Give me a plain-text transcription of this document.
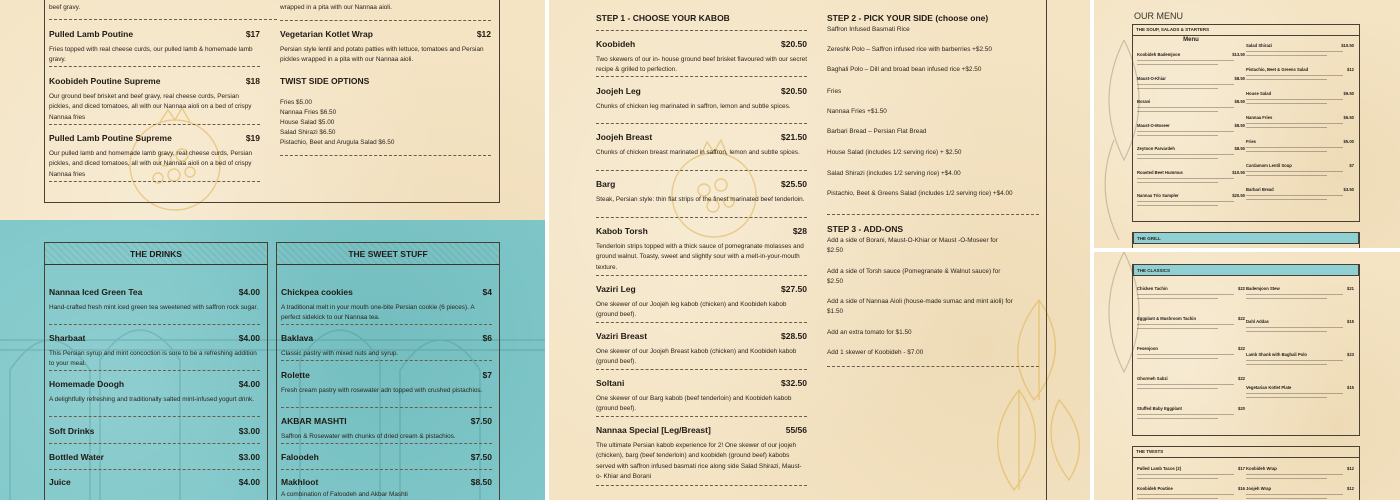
beef gravy.
Pulled Lamb Poutine	$17
Fries topped with real cheese curds, our pulled lamb & homemade lamb gravy.
Koobideh Poutine Supreme	$18
Our ground beef brisket and beef gravy, real cheese curds, Persian pickles, and diced tomatoes, all with our Nannaa aioli on a bed of crispy Nannaa fries
Pulled Lamb Poutine Supreme	$19
Our pulled lamb and homemade lamb gravy, real cheese curds, Persian pickles, and diced tomatoes, all with our Nannaa aioli on a bed of crispy Nannaa fries
wrapped in a pita with our Nannaa aioli.
Vegetarian Kotlet Wrap	$12
Persian style lentil and potato patties with lettuce, tomatoes and Persian pickles wrapped in a pita with our Nannaa aioli.
TWIST SIDE OPTIONS
Fries $5.00
Nannaa Fries $6.50
House Salad $5.00
Salad Shirazi $6.50
Pistachio, Beet and Arugula Salad $6.50
THE DRINKS
Nannaa Iced Green Tea	$4.00
Hand-crafted fresh mint iced green tea sweetened with saffron rock sugar.
Sharbaat	$4.00
This Persian syrup and mint concoction is sure to be a refreshing addition to your meal.
Homemade Doogh	$4.00
A delightfully refreshing and traditionally salted mint-infused yogurt drink.
Soft Drinks	$3.00
Bottled Water	$3.00
Juice	$4.00
THE SWEET STUFF
Chickpea cookies	$4
A traditional melt in your mouth one-bite Persian cookie (6 pieces). A perfect sidekick to our Nannaa tea.
Baklava	$6
Classic pastry with mixed nuts and syrup.
Rolette	$7
Fresh cream pastry with rosewater adn topped with crushed pistachios.
AKBAR MASHTI	$7.50
Saffron & Rosewater with chunks of dried cream & pistachios.
Faloodeh	$7.50
Makhloot	$8.50
A combination of Faloodeh and Akbar Mashti
STEP 1 - CHOOSE YOUR KABOB	STEP 2 - PICK YOUR SIDE (choose one)
STEP 3 - ADD-ONS
Koobideh	$20.50
Two skewers of our in- house ground beef brisket flavoured with our secret recipe & grilled to perfection.
Joojeh Leg	$20.50
Chunks of chicken leg marinated in saffron, lemon and subtle spices.
Joojeh Breast	$21.50
Chunks of chicken breast marinated in saffron, lemon and subtle spices.
Barg	$25.50
Steak, Persian style: thin flat strips of the finest marinated beef tenderloin.
Kabob Torsh	$28
Tenderloin strips topped with a thick sauce of pomegranate molasses and ground walnut. Toasty, sweet and slightly sour with a melt-in-your-mouth texture.
Vaziri Leg	$27.50
One skewer of our Joojeh leg kabob (chicken) and Koobideh kabob (ground beef).
Vaziri Breast	$28.50
One skewer of our Joojeh Breast kabob (chicken) and Koobideh kabob (ground beef).
Soltani	$32.50
One skewer of our Barg kabob (beef tenderloin) and Koobideh kabob (ground beef).
Nannaa Special [Leg/Breast]	55/56
The ultimate Persian kabob experience for 2! One skewer of our joojeh (chicken), barg (beef tenderloin) and koobideh (ground beef) kabobs served with saffron infused basmati rice along side Salad Shirazi, Maust-o- Khiar and Borani
Saffron Infused Basmati Rice
Zereshk Polo – Saffron infused rice with barberries +$2.50
Baghali Polo – Dill and broad bean infused rice +$2.50
Fries
Nannaa Fries +$1.50
Barbari Bread – Persian Flat Bread
House Salad (includes 1/2 serving rice) + $2.50
Salad Shirazi (includes 1/2 serving rice) +$4.00
Pistachio, Beet & Greens Salad (includes 1/2 serving rice) +$4.00
Add a side of Borani, Maust-O-Khiar or Maust -O-Moseer for
$2.50
Add a side of Torsh sauce (Pomegranate & Walnut sauce) for
$2.50
Add a side of Nannaa Aioli (house-made sumac and mint aioli) for
$1.50
Add an extra tomato for $1.50
Add 1 skewer of Koobideh - $7.00
OUR MENU
THE SOUP, SALADS & STARTERS
Menu
THE GRILL
Koobideh Bademjoon	$13.50
Maust-O-Khiar	$8.50
Borani	$8.50
Maust-O-Moseer	$8.50
Zeytoon Parvardeh	$8.50
Roasted Beet Hummus	$10.50
Nannaa Trio Sampler	$20.50
Salad Shirazi	$10.50
Pistachio, Beet & Greens Salad	$12
House Salad	$9.50
Nannaa Fries	$6.50
Fries	$5.00
Cardamom Lentil Soup	$7
Barbari Bread	$3.50
THE CLASSICS
THE TWISTS
Chicken Tachin	$22
Eggplant & Mushroom Tachin	$22
Fesenjoon	$22
Ghormeh Sabzi	$22
Stuffed Baby Eggplant	$20
Bademjoon Stew	$21
Dahl Addas	$15
Lamb Shank with Baghali Polo	$23
Vegetarian Kotlet Plate	$15
Pulled Lamb Tacos (2)	$17
Koobideh Poutine	$16
Koobideh Wrap	$12
Joojeh Wrap	$12
